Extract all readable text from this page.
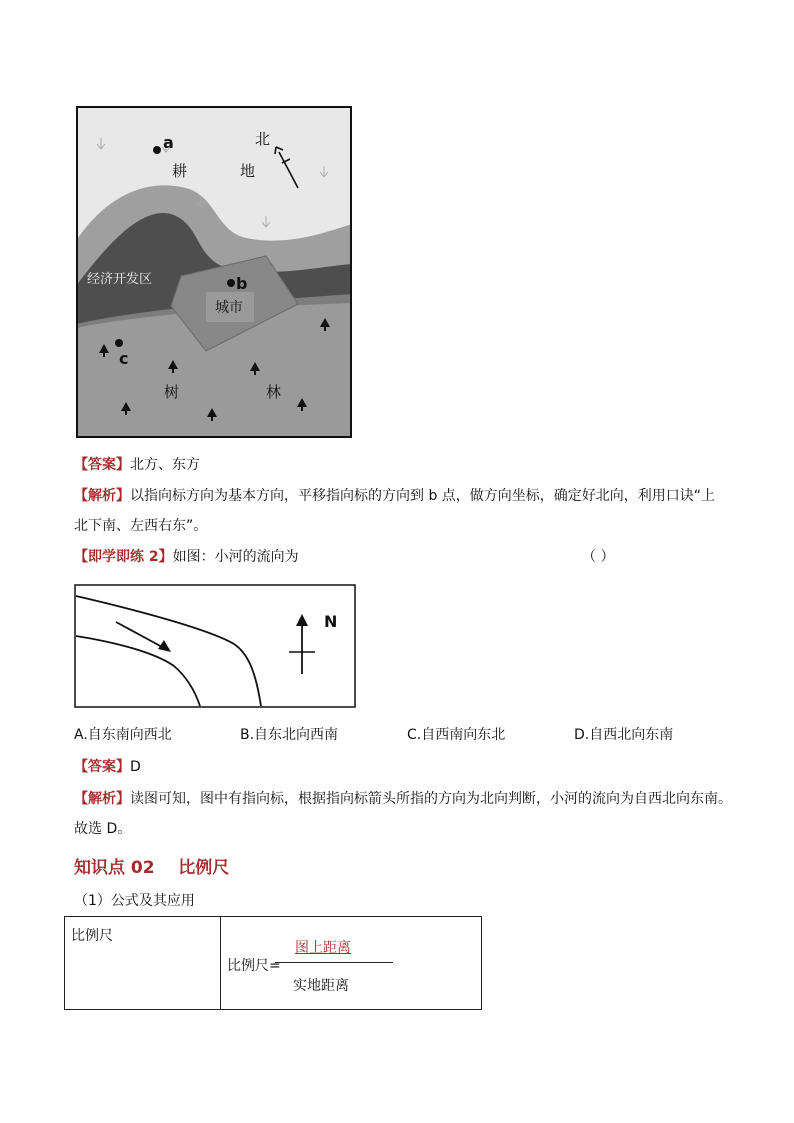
a	北
耕	地
经济开发区	b
城市
c
树	林
【答案】北方、东方
【解析】以指向标方向为基本方向，平移指向标的方向到 b 点，做方向坐标，确定好北向，利用口诀“上
北下南、左西右东”。
【即学即练 2】如图：小河的流向为	（ ）
N
A.自东南向西北	B.自东北向西南	C.自西南向东北	D.自西北向东南
【答案】D
【解析】读图可知，图中有指向标，根据指向标箭头所指的方向为北向判断，小河的流向为自西北向东南。
故选 D。
知识点 02    比例尺
（1）公式及其应用
比例尺	
比例尺=
图上距离
实地距离
